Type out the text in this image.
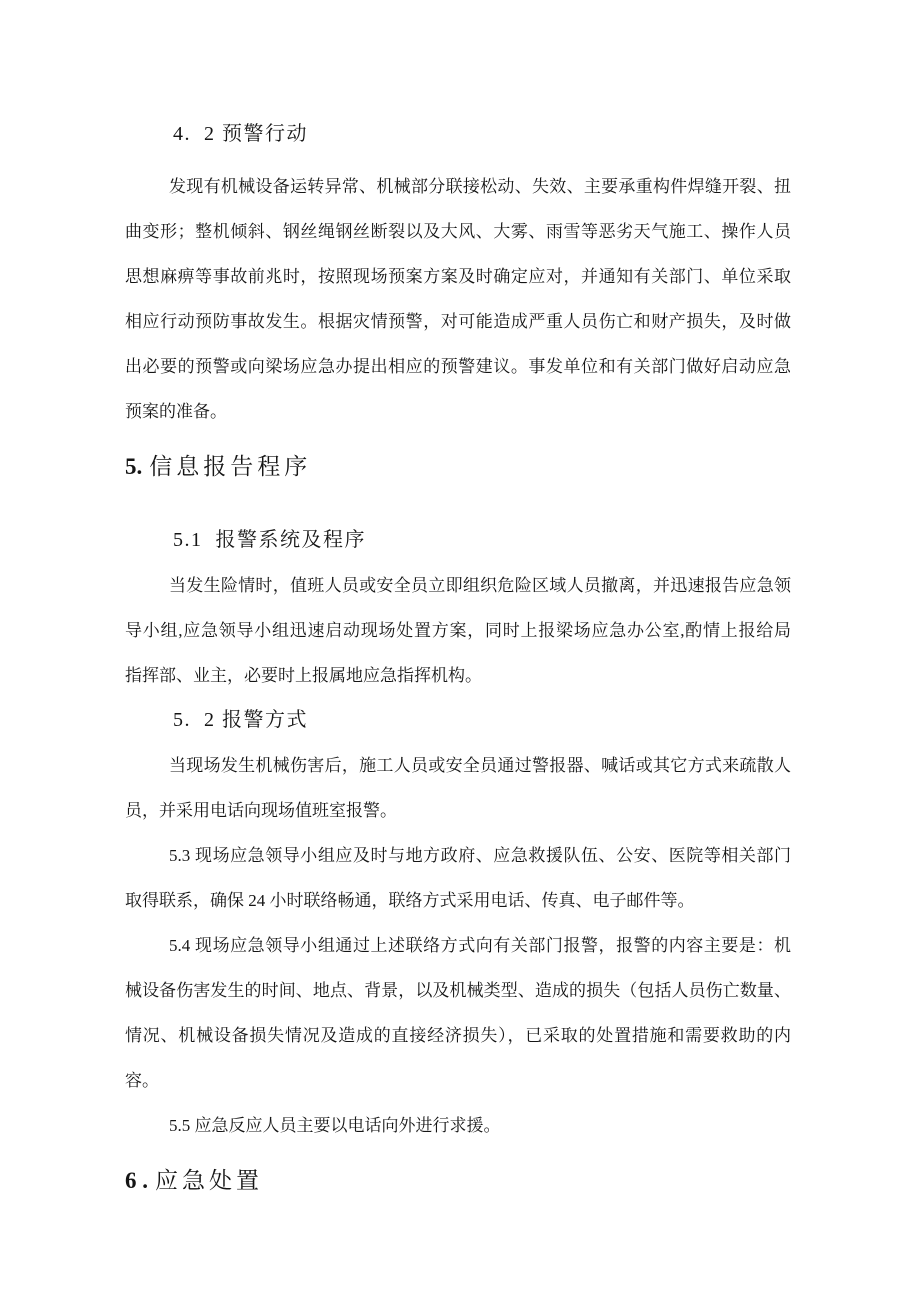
4.  2 预警行动
发现有机械设备运转异常、机械部分联接松动、失效、主要承重构件焊缝开裂、扭
曲变形；整机倾斜、钢丝绳钢丝断裂以及大风、大雾、雨雪等恶劣天气施工、操作人员
思想麻痹等事故前兆时，按照现场预案方案及时确定应对，并通知有关部门、单位采取
相应行动预防事故发生。根据灾情预警，对可能造成严重人员伤亡和财产损失，及时做
出必要的预警或向梁场应急办提出相应的预警建议。事发单位和有关部门做好启动应急
预案的准备。
5. 信息报告程序
5.1  报警系统及程序
当发生险情时，值班人员或安全员立即组织危险区域人员撤离，并迅速报告应急领
导小组,应急领导小组迅速启动现场处置方案，同时上报梁场应急办公室,酌情上报给局
指挥部、业主，必要时上报属地应急指挥机构。
5.  2 报警方式
当现场发生机械伤害后，施工人员或安全员通过警报器、喊话或其它方式来疏散人
员，并采用电话向现场值班室报警。
5.3 现场应急领导小组应及时与地方政府、应急救援队伍、公安、医院等相关部门
取得联系，确保 24 小时联络畅通，联络方式采用电话、传真、电子邮件等。
5.4 现场应急领导小组通过上述联络方式向有关部门报警，报警的内容主要是：机
械设备伤害发生的时间、地点、背景，以及机械类型、造成的损失（包括人员伤亡数量、
情况、机械设备损失情况及造成的直接经济损失），已采取的处置措施和需要救助的内
容。
5.5 应急反应人员主要以电话向外进行求援。
6 . 应急处置
